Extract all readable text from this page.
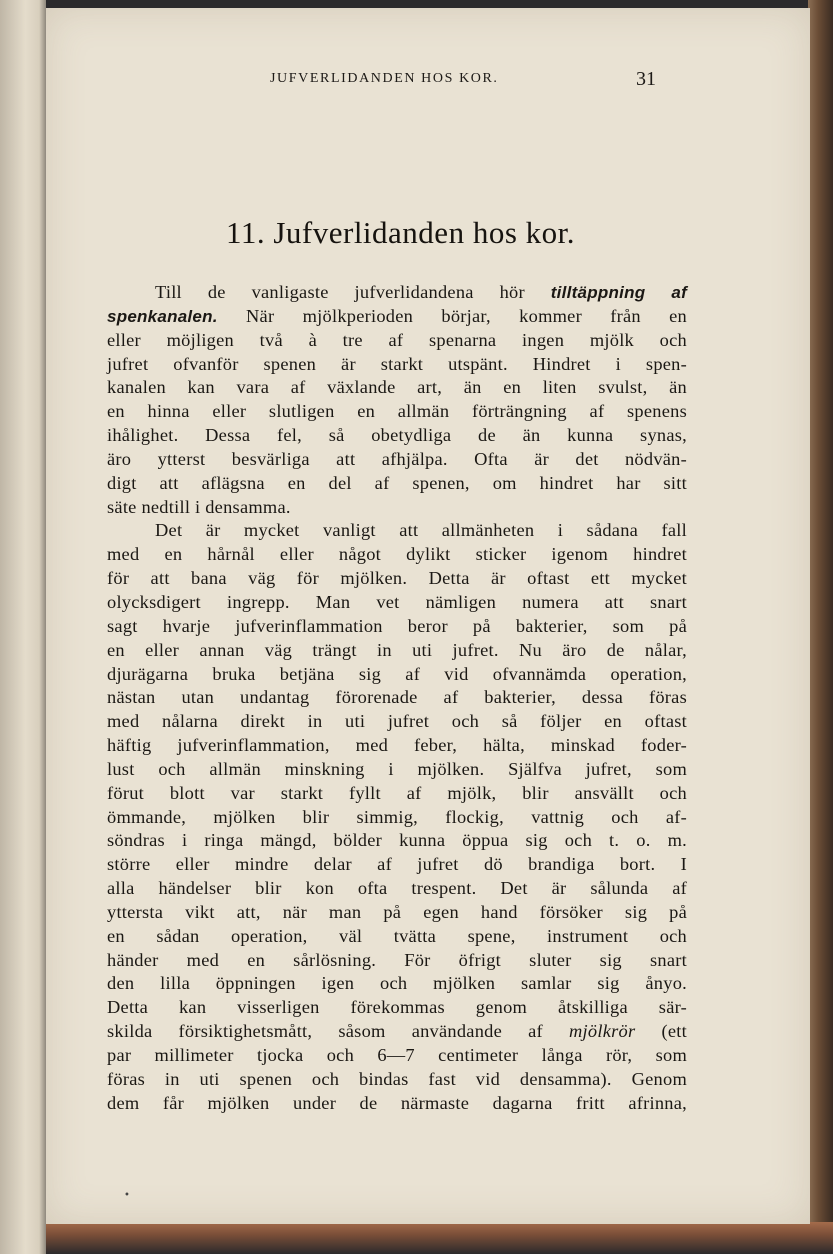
JUFVERLIDANDEN HOS KOR.	31
11. Jufverlidanden hos kor.
Till de vanligaste jufverlidandena hör tilltäppning af
spenkanalen. När mjölkperioden börjar, kommer från en
eller möjligen två à tre af spenarna ingen mjölk och
jufret ofvanför spenen är starkt utspänt. Hindret i spen-
kanalen kan vara af växlande art, än en liten svulst, än
en hinna eller slutligen en allmän förträngning af spenens
ihålighet. Dessa fel, så obetydliga de än kunna synas,
äro ytterst besvärliga att afhjälpa. Ofta är det nödvän-
digt att aflägsna en del af spenen, om hindret har sitt
säte nedtill i densamma.
Det är mycket vanligt att allmänheten i sådana fall
med en hårnål eller något dylikt sticker igenom hindret
för att bana väg för mjölken. Detta är oftast ett mycket
olycksdigert ingrepp. Man vet nämligen numera att snart
sagt hvarje jufverinflammation beror på bakterier, som på
en eller annan väg trängt in uti jufret. Nu äro de nålar,
djurägarna bruka betjäna sig af vid ofvannämda operation,
nästan utan undantag förorenade af bakterier, dessa föras
med nålarna direkt in uti jufret och så följer en oftast
häftig jufverinflammation, med feber, hälta, minskad foder-
lust och allmän minskning i mjölken. Själfva jufret, som
förut blott var starkt fyllt af mjölk, blir ansvällt och
ömmande, mjölken blir simmig, flockig, vattnig och af-
söndras i ringa mängd, bölder kunna öppua sig och t. o. m.
större eller mindre delar af jufret dö brandiga bort. I
alla händelser blir kon ofta trespent. Det är sålunda af
yttersta vikt att, när man på egen hand försöker sig på
en sådan operation, väl tvätta spene, instrument och
händer med en sårlösning. För öfrigt sluter sig snart
den lilla öppningen igen och mjölken samlar sig ånyo.
Detta kan visserligen förekommas genom åtskilliga sär-
skilda försiktighetsmått, såsom användande af mjölkrör (ett
par millimeter tjocka och 6—7 centimeter långa rör, som
föras in uti spenen och bindas fast vid densamma). Genom
dem får mjölken under de närmaste dagarna fritt afrinna,
•
